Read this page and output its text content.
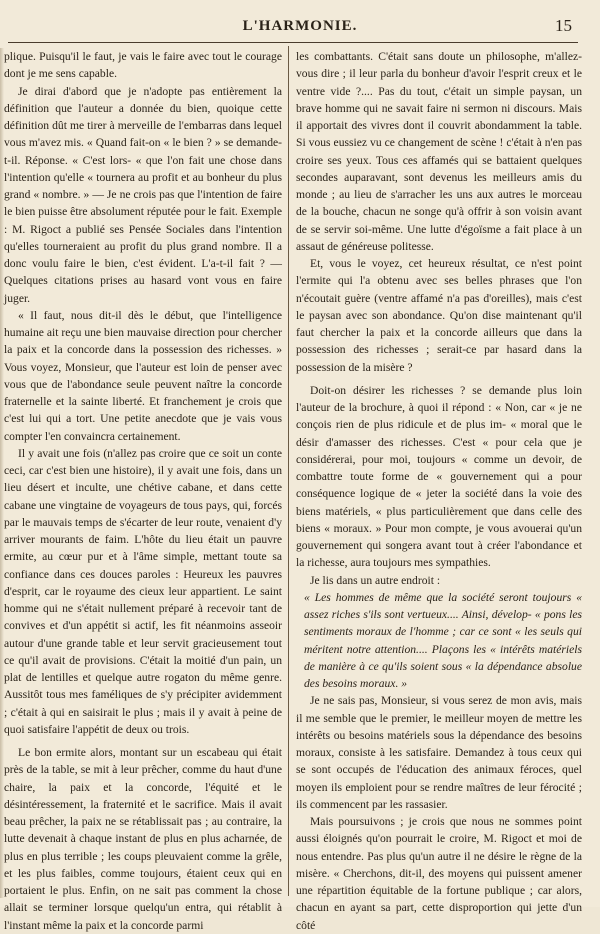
L'HARMONIE.	15

plique. Puisqu'il le faut, je vais le faire avec tout le courage dont je me sens capable.

Je dirai d'abord que je n'adopte pas entièrement la définition que l'auteur a donnée du bien, quoique cette définition dût me tirer à merveille de l'embarras dans lequel vous m'avez mis. « Quand fait-on « le bien ? » se demande-t-il. Réponse. « C'est lors- « que l'on fait une chose dans l'intention qu'elle « tournera au profit et au bonheur du plus grand « nombre. » — Je ne crois pas que l'intention de faire le bien puisse être absolument réputée pour le fait. Exemple : M. Rigoct a publié ses Pensée Sociales dans l'intention qu'elles tourneraient au profit du plus grand nombre. Il a donc voulu faire le bien, c'est évident. L'a-t-il fait ? — Quelques citations prises au hasard vont vous en faire juger.

« Il faut, nous dit-il dès le début, que l'intelligence humaine ait reçu une bien mauvaise direction pour chercher la paix et la concorde dans la possession des richesses. » Vous voyez, Monsieur, que l'auteur est loin de penser avec vous que de l'abondance seule peuvent naître la concorde fraternelle et la sainte liberté. Et franchement je crois que c'est lui qui a tort. Une petite anecdote que je vais vous compter l'en convaincra certainement.

Il y avait une fois (n'allez pas croire que ce soit un conte ceci, car c'est bien une histoire), il y avait une fois, dans un lieu désert et inculte, une chétive cabane, et dans cette cabane une vingtaine de voyageurs de tous pays, qui, forcés par le mauvais temps de s'écarter de leur route, venaient d'y arriver mourants de faim. L'hôte du lieu était un pauvre ermite, au cœur pur et à l'âme simple, mettant toute sa confiance dans ces douces paroles : Heureux les pauvres d'esprit, car le royaume des cieux leur appartient. Le saint homme qui ne s'était nullement préparé à recevoir tant de convives et d'un appétit si actif, les fit néanmoins asseoir autour d'une grande table et leur servit gracieusement tout ce qu'il avait de provisions. C'était la moitié d'un pain, un plat de lentilles et quelque autre rogaton du même genre. Aussitôt tous mes faméliques de s'y précipiter avidemment ; c'était à qui en saisirait le plus ; mais il y avait à peine de quoi satisfaire l'appétit de deux ou trois.

Le bon ermite alors, montant sur un escabeau qui était près de la table, se mit à leur prêcher, comme du haut d'une chaire, la paix et la concorde, l'équité et le désintéressement, la fraternité et le sacrifice. Mais il avait beau prêcher, la paix ne se rétablissait pas ; au contraire, la lutte devenait à chaque instant de plus en plus acharnée, de plus en plus terrible ; les coups pleuvaient comme la grêle, et les plus faibles, comme toujours, étaient ceux qui en portaient le plus. Enfin, on ne sait pas comment la chose allait se terminer lorsque quelqu'un entra, qui rétablit à l'instant même la paix et la concorde parmi

les combattants. C'était sans doute un philosophe, m'allez-vous dire ; il leur parla du bonheur d'avoir l'esprit creux et le ventre vide ?.... Pas du tout, c'était un simple paysan, un brave homme qui ne savait faire ni sermon ni discours. Mais il apportait des vivres dont il couvrit abondamment la table. Si vous eussiez vu ce changement de scène ! c'était à n'en pas croire ses yeux. Tous ces affamés qui se battaient quelques secondes auparavant, sont devenus les meilleurs amis du monde ; au lieu de s'arracher les uns aux autres le morceau de la bouche, chacun ne songe qu'à offrir à son voisin avant de se servir soi-même. Une lutte d'égoïsme a fait place à un assaut de généreuse politesse.

Et, vous le voyez, cet heureux résultat, ce n'est point l'ermite qui l'a obtenu avec ses belles phrases que l'on n'écoutait guère (ventre affamé n'a pas d'oreilles), mais c'est le paysan avec son abondance. Qu'on dise maintenant qu'il faut chercher la paix et la concorde ailleurs que dans la possession des richesses ; serait-ce par hasard dans la possession de la misère ?

Doit-on désirer les richesses ? se demande plus loin l'auteur de la brochure, à quoi il répond : « Non, car « je ne conçois rien de plus ridicule et de plus im- « moral que le désir d'amasser des richesses. C'est « pour cela que je considérerai, pour moi, toujours « comme un devoir, de combattre toute forme de « gouvernement qui a pour conséquence logique de « jeter la société dans la voie des biens matériels, « plus particulièrement que dans celle des biens « moraux. » Pour mon compte, je vous avouerai qu'un gouvernement qui songera avant tout à créer l'abondance et la richesse, aura toujours mes sympathies.

Je lis dans un autre endroit :

« Les hommes de même que la société seront toujours « assez riches s'ils sont vertueux.... Ainsi, dévelop- « pons les sentiments moraux de l'homme ; car ce sont « les seuls qui méritent notre attention.... Plaçons les « intérêts matériels de manière à ce qu'ils soient sous « la dépendance absolue des besoins moraux. »

Je ne sais pas, Monsieur, si vous serez de mon avis, mais il me semble que le premier, le meilleur moyen de mettre les intérêts ou besoins matériels sous la dépendance des besoins moraux, consiste à les satisfaire. Demandez à tous ceux qui se sont occupés de l'éducation des animaux féroces, quel moyen ils emploient pour se rendre maîtres de leur férocité ; ils commencent par les rassasier.

Mais poursuivons ; je crois que nous ne sommes point aussi éloignés qu'on pourrait le croire, M. Rigoct et moi de nous entendre. Pas plus qu'un autre il ne désire le règne de la misère. « Cherchons, dit-il, des moyens qui puissent amener une répartition équitable de la fortune publique ; car alors, chacun en ayant sa part, cette disproportion qui jette d'un côté
